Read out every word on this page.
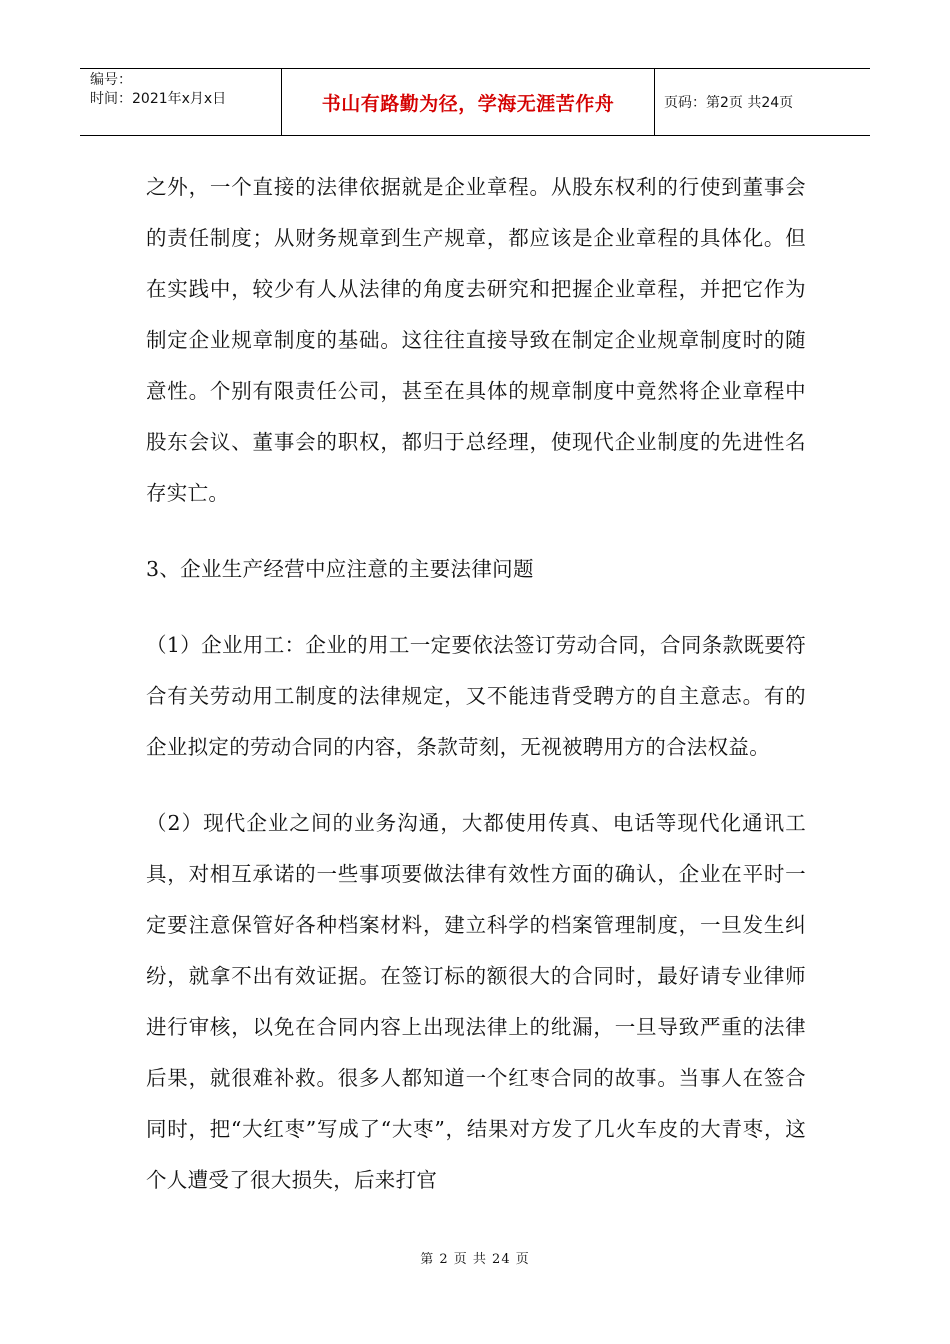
编号：
时间：2021年x月x日	书山有路勤为径，学海无涯苦作舟	页码：第2页 共24页

之外，一个直接的法律依据就是企业章程。从股东权利的行使到董事会的责任制度；从财务规章到生产规章，都应该是企业章程的具体化。但在实践中，较少有人从法律的角度去研究和把握企业章程，并把它作为制定企业规章制度的基础。这往往直接导致在制定企业规章制度时的随意性。个别有限责任公司，甚至在具体的规章制度中竟然将企业章程中股东会议、董事会的职权，都归于总经理，使现代企业制度的先进性名存实亡。

3、企业生产经营中应注意的主要法律问题

（1）企业用工：企业的用工一定要依法签订劳动合同，合同条款既要符合有关劳动用工制度的法律规定，又不能违背受聘方的自主意志。有的企业拟定的劳动合同的内容，条款苛刻，无视被聘用方的合法权益。

（2）现代企业之间的业务沟通，大都使用传真、电话等现代化通讯工具，对相互承诺的一些事项要做法律有效性方面的确认，企业在平时一定要注意保管好各种档案材料，建立科学的档案管理制度，一旦发生纠纷，就拿不出有效证据。在签订标的额很大的合同时，最好请专业律师进行审核，以免在合同内容上出现法律上的纰漏，一旦导致严重的法律后果，就很难补救。很多人都知道一个红枣合同的故事。当事人在签合同时，把“大红枣”写成了“大枣”，结果对方发了几火车皮的大青枣，这个人遭受了很大损失，后来打官

第 2 页 共 24 页
